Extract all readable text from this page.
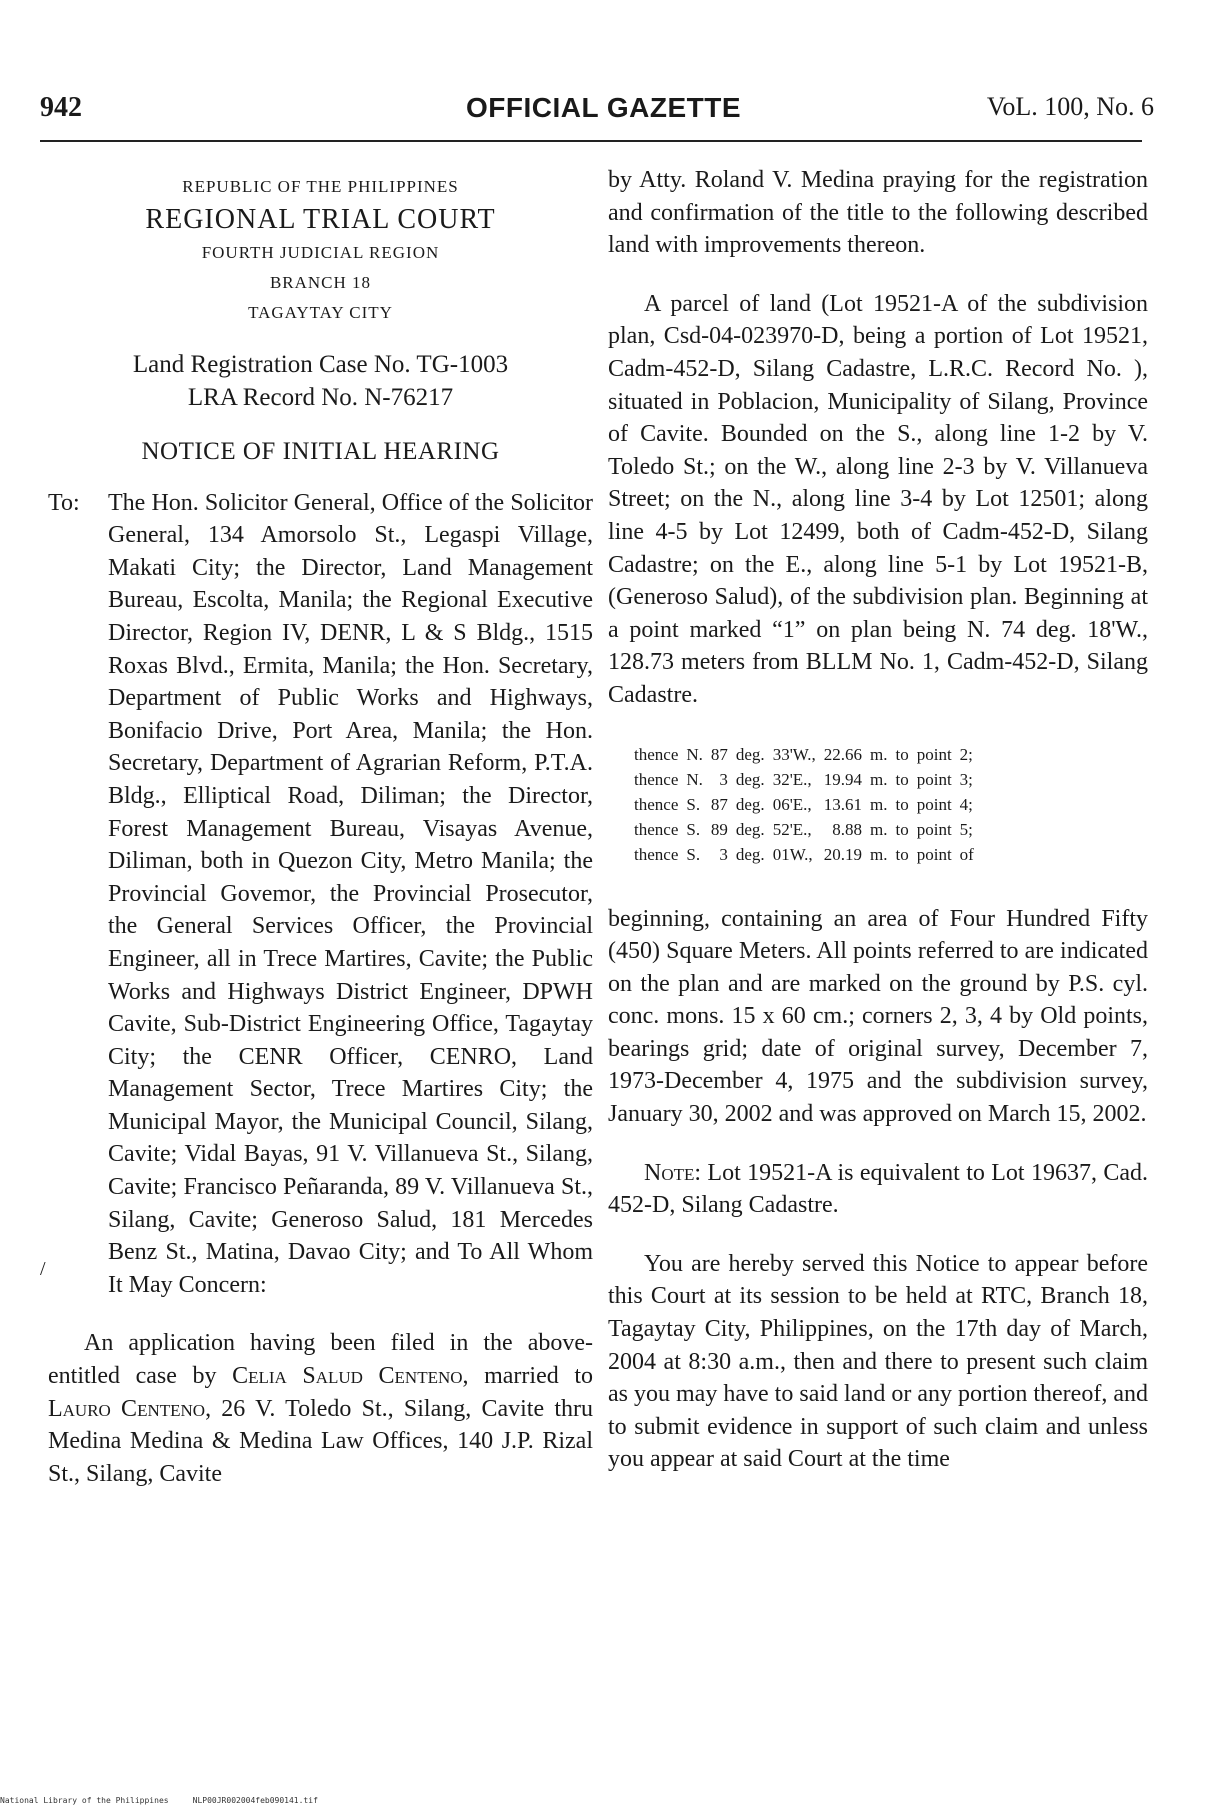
942	OFFICIAL GAZETTE	VoL. 100, No. 6
REPUBLIC OF THE PHILIPPINES
REGIONAL TRIAL COURT
FOURTH JUDICIAL REGION
BRANCH 18
TAGAYTAY CITY
Land Registration Case No. TG-1003
LRA Record No. N-76217
NOTICE OF INITIAL HEARING
To:	The Hon. Solicitor General, Office of the Solicitor General, 134 Amorsolo St., Legaspi Village, Makati City; the Director, Land Management Bureau, Escolta, Manila; the Regional Executive Director, Region IV, DENR, L & S Bldg., 1515 Roxas Blvd., Ermita, Manila; the Hon. Secretary, Department of Public Works and Highways, Bonifacio Drive, Port Area, Manila; the Hon. Secretary, Department of Agrarian Reform, P.T.A. Bldg., Elliptical Road, Diliman; the Director, Forest Management Bureau, Visayas Avenue, Diliman, both in Quezon City, Metro Manila; the Provincial Govemor, the Provincial Prosecutor, the General Services Officer, the Provincial Engineer, all in Trece Martires, Cavite; the Public Works and Highways District Engineer, DPWH Cavite, Sub-District Engineering Office, Tagaytay City; the CENR Officer, CENRO, Land Management Sector, Trece Martires City; the Municipal Mayor, the Municipal Council, Silang, Cavite; Vidal Bayas, 91 V. Villanueva St., Silang, Cavite; Francisco Peñaranda, 89 V. Villanueva St., Silang, Cavite; Generoso Salud, 181 Mercedes Benz St., Matina, Davao City; and To All Whom It May Concern:

An application having been filed in the above-entitled case by Celia Salud Centeno, married to Lauro Centeno, 26 V. Toledo St., Silang, Cavite thru Medina Medina & Medina Law Offices, 140 J.P. Rizal St., Silang, Cavite

by Atty. Roland V. Medina praying for the registration and confirmation of the title to the following described land with improvements thereon.

A parcel of land (Lot 19521-A of the subdivision plan, Csd-04-023970-D, being a portion of Lot 19521, Cadm-452-D, Silang Cadastre, L.R.C. Record No. ), situated in Poblacion, Municipality of Silang, Province of Cavite. Bounded on the S., along line 1-2 by V. Toledo St.; on the W., along line 2-3 by V. Villanueva Street; on the N., along line 3-4 by Lot 12501; along line 4-5 by Lot 12499, both of Cadm-452-D, Silang Cadastre; on the E., along line 5-1 by Lot 19521-B, (Generoso Salud), of the subdivision plan. Beginning at a point marked “1” on plan being N. 74 deg. 18'W., 128.73 meters from BLLM No. 1, Cadm-452-D, Silang Cadastre.

thence	N.	87	deg.	33'W.,	22.66	m.	to	point	2;
thence	N.	3	deg.	32'E.,	19.94	m.	to	point	3;
thence	S.	87	deg.	06'E.,	13.61	m.	to	point	4;
thence	S.	89	deg.	52'E.,	8.88	m.	to	point	5;
thence	S.	3	deg.	01W.,	20.19	m.	to	point	of

beginning, containing an area of Four Hundred Fifty (450) Square Meters. All points referred to are indicated on the plan and are marked on the ground by P.S. cyl. conc. mons. 15 x 60 cm.; corners 2, 3, 4 by Old points, bearings grid; date of original survey, December 7, 1973-December 4, 1975 and the subdivision survey, January 30, 2002 and was approved on March 15, 2002.

Note: Lot 19521-A is equivalent to Lot 19637, Cad. 452-D, Silang Cadastre.

You are hereby served this Notice to appear before this Court at its session to be held at RTC, Branch 18, Tagaytay City, Philippines, on the 17th day of March, 2004 at 8:30 a.m., then and there to present such claim as you may have to said land or any portion thereof, and to submit evidence in support of such claim and unless you appear at said Court at the time

/
National Library of the Philippines     NLP00JR002004feb090141.tif
